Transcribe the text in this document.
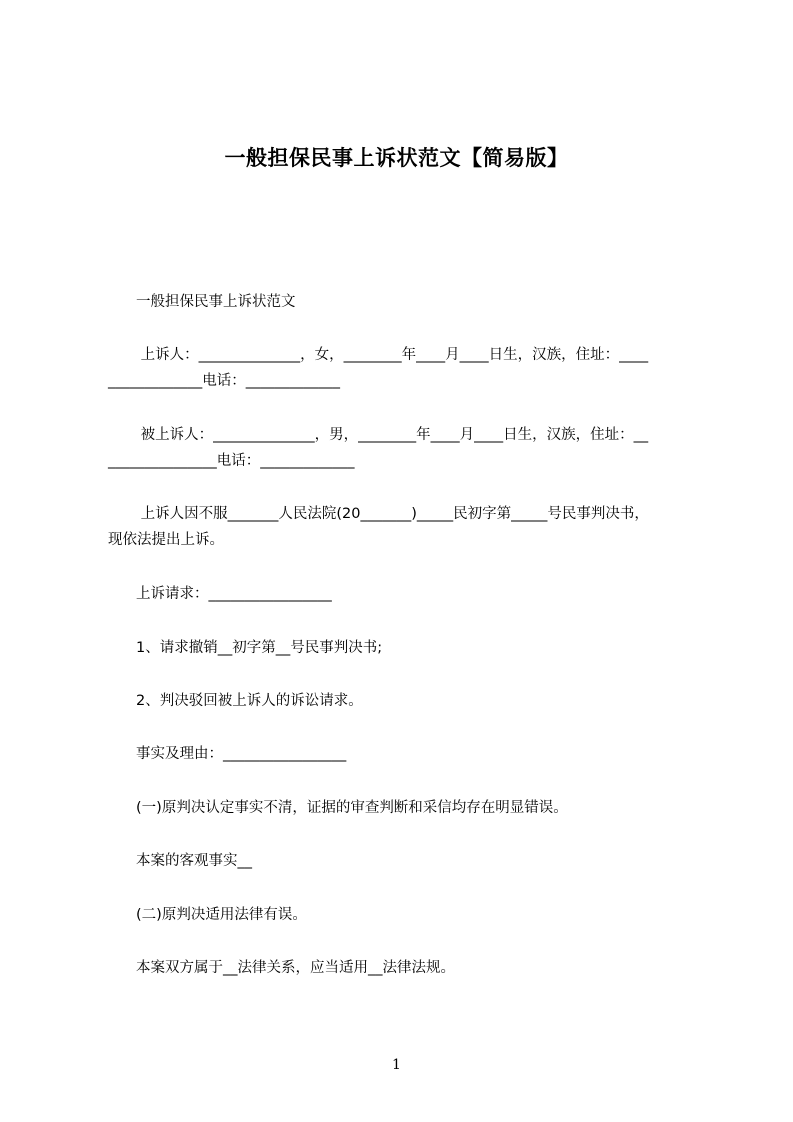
一般担保民事上诉状范文【简易版】
一般担保民事上诉状范文
上诉人：______________，女，________年____月____日生，汉族，住址：____
_____________电话：_____________
被上诉人：______________，男，________年____月____日生，汉族，住址：__
_______________电话：_____________
上诉人因不服_______人民法院(20_______)_____民初字第_____号民事判决书，
现依法提出上诉。
上诉请求：_________________
1、请求撤销__初字第__号民事判决书;
2、判决驳回被上诉人的诉讼请求。
事实及理由：_________________
(一)原判决认定事实不清，证据的审查判断和采信均存在明显错误。
本案的客观事实__
(二)原判决适用法律有误。
本案双方属于__法律关系，应当适用__法律法规。
1
